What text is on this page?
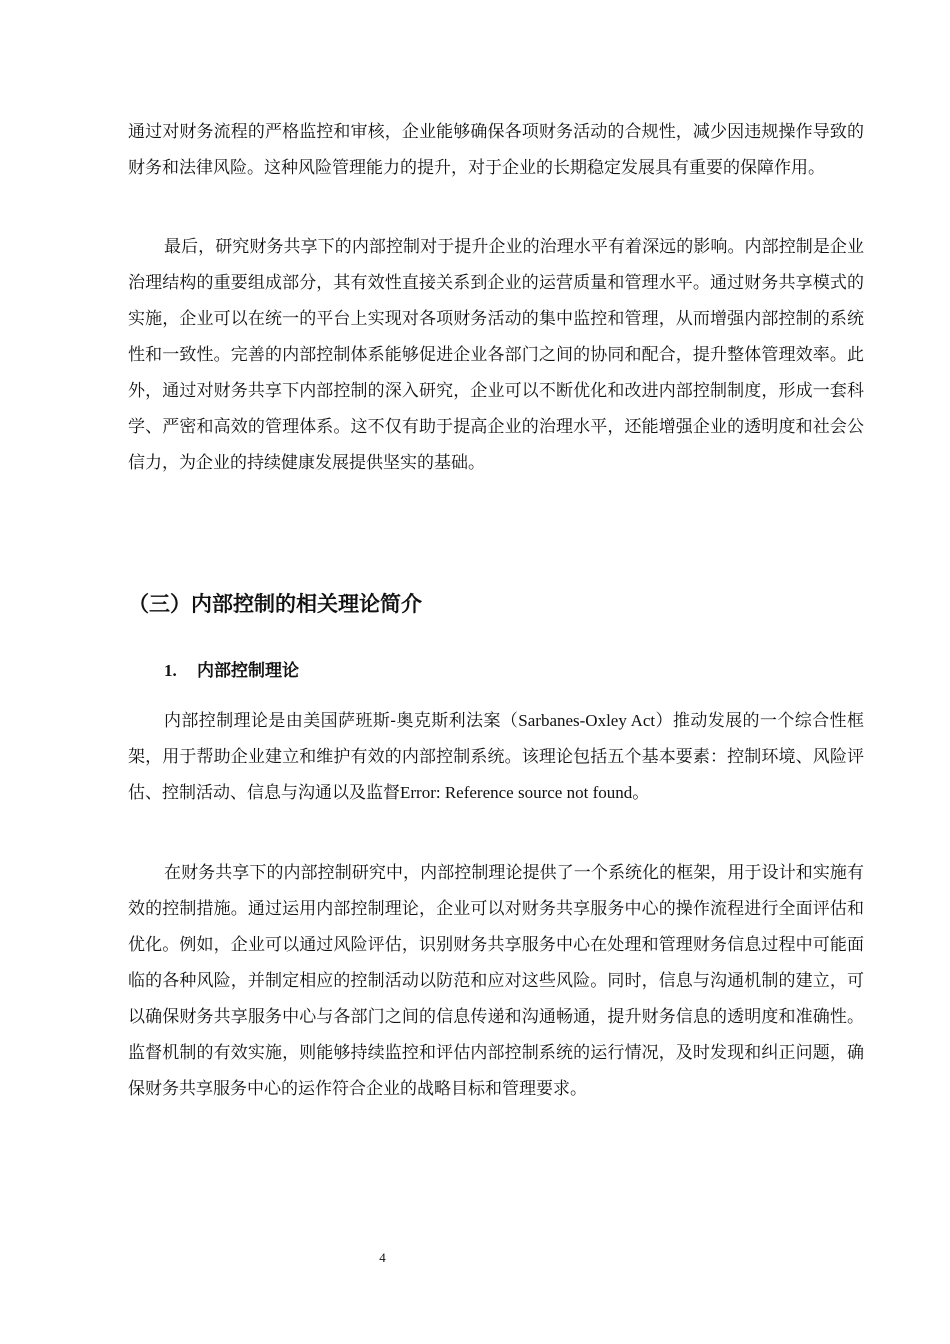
通过对财务流程的严格监控和审核，企业能够确保各项财务活动的合规性，减少因违规操作导致的财务和法律风险。这种风险管理能力的提升，对于企业的长期稳定发展具有重要的保障作用。

最后，研究财务共享下的内部控制对于提升企业的治理水平有着深远的影响。内部控制是企业治理结构的重要组成部分，其有效性直接关系到企业的运营质量和管理水平。通过财务共享模式的实施，企业可以在统一的平台上实现对各项财务活动的集中监控和管理，从而增强内部控制的系统性和一致性。完善的内部控制体系能够促进企业各部门之间的协同和配合，提升整体管理效率。此外，通过对财务共享下内部控制的深入研究，企业可以不断优化和改进内部控制制度，形成一套科学、严密和高效的管理体系。这不仅有助于提高企业的治理水平，还能增强企业的透明度和社会公信力，为企业的持续健康发展提供坚实的基础。

（三）内部控制的相关理论简介
1. 内部控制理论

内部控制理论是由美国萨班斯-奥克斯利法案（Sarbanes-Oxley Act）推动发展的一个综合性框架，用于帮助企业建立和维护有效的内部控制系统。该理论包括五个基本要素：控制环境、风险评估、控制活动、信息与沟通以及监督Error: Reference source not found。

在财务共享下的内部控制研究中，内部控制理论提供了一个系统化的框架，用于设计和实施有效的控制措施。通过运用内部控制理论，企业可以对财务共享服务中心的操作流程进行全面评估和优化。例如，企业可以通过风险评估，识别财务共享服务中心在处理和管理财务信息过程中可能面临的各种风险，并制定相应的控制活动以防范和应对这些风险。同时，信息与沟通机制的建立，可以确保财务共享服务中心与各部门之间的信息传递和沟通畅通，提升财务信息的透明度和准确性。监督机制的有效实施，则能够持续监控和评估内部控制系统的运行情况，及时发现和纠正问题，确保财务共享服务中心的运作符合企业的战略目标和管理要求。

4
